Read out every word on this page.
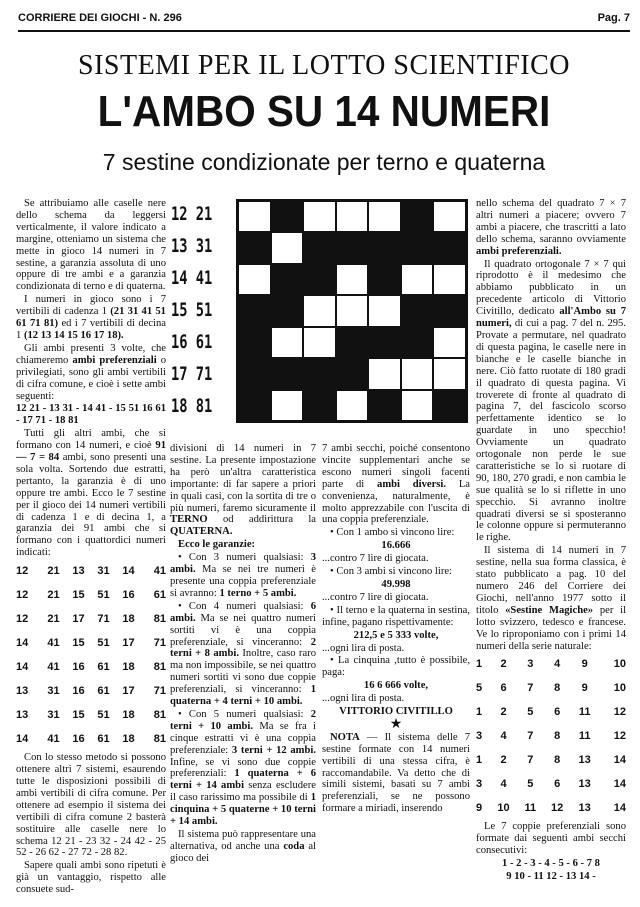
CORRIERE DEI GIOCHI - N. 296	Pag. 7
SISTEMI PER IL LOTTO SCIENTIFICO
L'AMBO SU 14 NUMERI
7 sestine condizionate per terno e quaterna

Se attribuiamo alle caselle nere dello schema da leggersi verticalmente, il valore indicato a margine, otteniamo un sistema che mette in gioco 14 numeri in 7 sestine, a garanzia assoluta di uno oppure di tre ambi e a garanzia condizionata di terno e di quaterna.

I numeri in gioco sono i 7 vertibili di cadenza 1 (21 31 41 51 61 71 81) ed i 7 vertibili di decina 1 (12 13 14 15 16 17 18).

Gli ambi presenti 3 volte, che chiameremo ambi preferenziali o privilegiati, sono gli ambi vertibili di cifra comune, e cioè i sette ambi seguenti:

12 21 - 13 31 - 14 41 - 15 51 16 61 - 17 71 - 18 81

Tutti gli altri ambi, che si formano con 14 numeri, e cioè 91 — 7 = 84 ambi, sono presenti una sola volta. Sortendo due estratti, pertanto, la garanzia è di uno oppure tre ambi. Ecco le 7 sestine per il gioco dei 14 numeri vertibili di cadenza 1 e di decina 1, a garanzia dei 91 ambi che si formano con i quattordici numeri indicati:

12	21	13	31	14	41
12	21	15	51	16	61
12	21	17	71	18	81
14	41	15	51	17	71
14	41	16	61	18	81
13	31	16	61	17	71
13	31	15	51	18	81
14	41	16	61	18	81

Con lo stesso metodo si possono ottenere altri 7 sistemi, esaurendo tutte le disposizioni possibili di ambi vertibili di cifra comune. Per ottenere ad esempio il sistema dei vertibili di cifra comune 2 basterà sostituire alle caselle nere lo schema 12 21 - 23 32 - 24 42 - 25 52 - 26 62 - 27 72 - 28 82.

Sapere quali ambi sono ripetuti è già un vantaggio, rispetto alle consuete sud-

12 21
13 31
14 41
15 51
16 61
17 71
18 81

divisioni di 14 numeri in 7 sestine. La presente impostazione ha però un'altra caratteristica importante: di far sapere a priori in quali casi, con la sortita di tre o più numeri, faremo sicuramente il TERNO od addirittura la QUATERNA.

Ecco le garanzie:

• Con 3 numeri qualsiasi: 3 ambi. Ma se nei tre numeri è presente una coppia preferenziale si avranno: 1 terno + 5 ambi.

• Con 4 numeri qualsiasi: 6 ambi. Ma se nei quattro numeri sortiti vi è una coppia preferenziale, si vinceranno: 2 terni + 8 ambi. Inoltre, caso raro ma non impossibile, se nei quattro numeri sortiti vi sono due coppie preferenziali, si vinceranno: 1 quaterna + 4 terni + 10 ambi.

• Con 5 numeri qualsiasi: 2 terni + 10 ambi. Ma se fra i cinque estratti vi è una coppia preferenziale: 3 terni + 12 ambi. Infine, se vi sono due coppie preferenziali: 1 quaterna + 6 terni + 14 ambi senza escludere il caso rarissimo ma possibile di 1 cinquina + 5 quaterne + 10 terni + 14 ambi.

Il sistema può rappresentare una alternativa, od anche una coda al gioco dei

7 ambi secchi, poiché consentono vincite supplementari anche se escono numeri singoli facenti parte di ambi diversi. La convenienza, naturalmente, è molto apprezzabile con l'uscita di una coppia preferenziale.

• Con 1 ambo si vincono lire:

16.666

...contro 7 lire di giocata.

• Con 3 ambi si vincono lire:

49.998

...contro 7 lire di giocata.

• Il terno e la quaterna in sestina, infine, pagano rispettivamente:

212,5 e 5 333 volte,

...ogni lira di posta.

• La cinquina ,tutto è possibile, paga:

16 6 666 volte,

...ogni lira di posta.

VITTORIO CIVITILLO

★

NOTA — Il sistema delle 7 sestine formate con 14 numeri vertibili di una stessa cifra, è raccomandabile. Va detto che di simili sistemi, basati su 7 ambi preferenziali, se ne possono formare a miriadi, inserendo

nello schema del quadrato 7 × 7 altri numeri a piacere; ovvero 7 ambi a piacere, che trascritti a lato dello schema, saranno ovviamente ambi preferenziali.

Il quadrato ortogonale 7 × 7 qui riprodotto è il medesimo che abbiamo pubblicato in un precedente articolo di Vittorio Civitillo, dedicato all'Ambo su 7 numeri, di cui a pag. 7 del n. 295. Provate a permutare, nel quadrato di questa pagina, le caselle nere in bianche e le caselle bianche in nere. Ciò fatto ruotate di 180 gradi il quadrato di questa pagina. Vi troverete di fronte al quadrato di pagina 7, del fascicolo scorso perfettamente identico se lo guardate in uno specchio! Ovviamente un quadrato ortogonale non perde le sue caratteristiche se lo si ruotare di 90, 180, 270 gradi, e non cambia le sue qualità se lo si riflette in uno specchio. Si avranno inoltre quadrati diversi se si sposteranno le colonne oppure si permuteranno le righe.

Il sistema di 14 numeri in 7 sestine, nella sua forma classica, è stato pubblicato a pag. 10 del numero 246 del Corriere dei Giochi, nell'anno 1977 sotto il titolo «Sestine Magiche» per il lotto svizzero, tedesco e francese. Ve lo riproponiamo con i primi 14 numeri della serie naturale:

1	2	3	4	9	10
5	6	7	8	9	10
1	2	5	6	11	12
3	4	7	8	11	12
1	2	7	8	13	14
3	4	5	6	13	14
9	10	11	12	13	14

Le 7 coppie preferenziali sono formate dai seguenti ambi secchi consecutivi:

1 - 2 - 3 - 4 - 5 - 6 - 7 8

9 10 - 11 12 - 13 14 -
